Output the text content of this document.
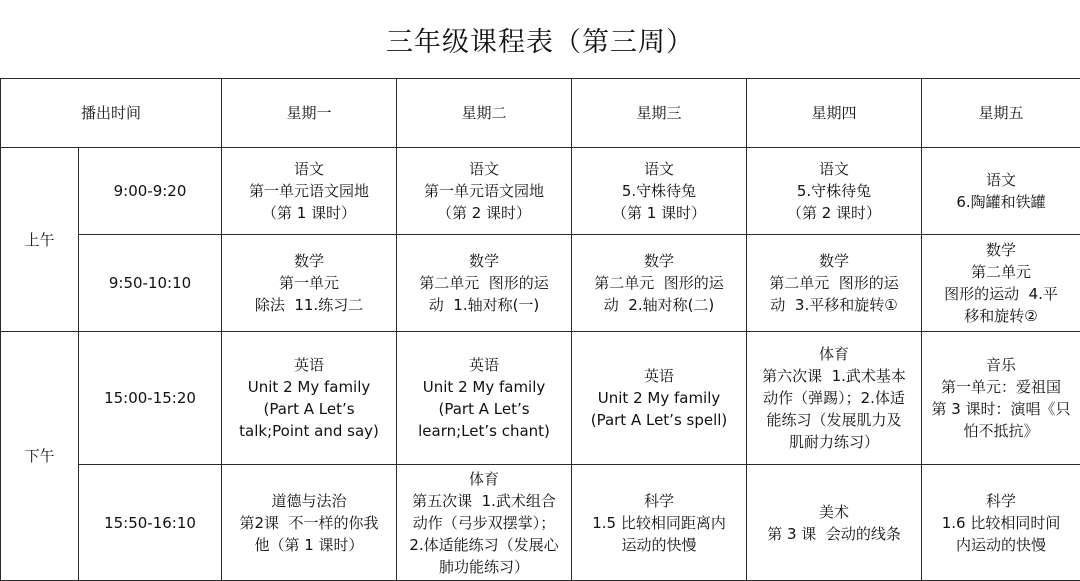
三年级课程表（第三周）
播出时间		星期一	星期二	星期三	星期四	星期五
上午	9:00-9:20	语文
第一单元语文园地
（第 1 课时）	语文
第一单元语文园地
（第 2 课时）	语文
5.守株待兔
（第 1 课时）	语文
5.守株待兔
（第 2 课时）	语文
6.陶罐和铁罐

	9:50-10:10	数学
第一单元
除法  11.练习二	数学
第二单元  图形的运
动  1.轴对称(一)	数学
第二单元  图形的运
动  2.轴对称(二)	数学
第二单元  图形的运
动  3.平移和旋转①	数学
第二单元
图形的运动  4.平
移和旋转②

下午	15:00-15:20	英语
Unit 2 My family
(Part A Let’s
talk;Point and say)	英语
Unit 2 My family
(Part A Let’s
learn;Let’s chant)	英语
Unit 2 My family
(Part A Let’s spell)	体育
第六次课  1.武术基本
动作（弹踢）；2.体适
能练习（发展肌力及
肌耐力练习）	音乐
第一单元：爱祖国
第 3 课时：演唱《只
怕不抵抗》

	15:50-16:10	道德与法治
第2课  不一样的你我
他（第 1 课时）	体育
第五次课  1.武术组合
动作（弓步双摆掌）；
2.体适能练习（发展心
肺功能练习）	科学
1.5 比较相同距离内
运动的快慢	美术
第 3 课  会动的线条	科学
1.6 比较相同时间
内运动的快慢
